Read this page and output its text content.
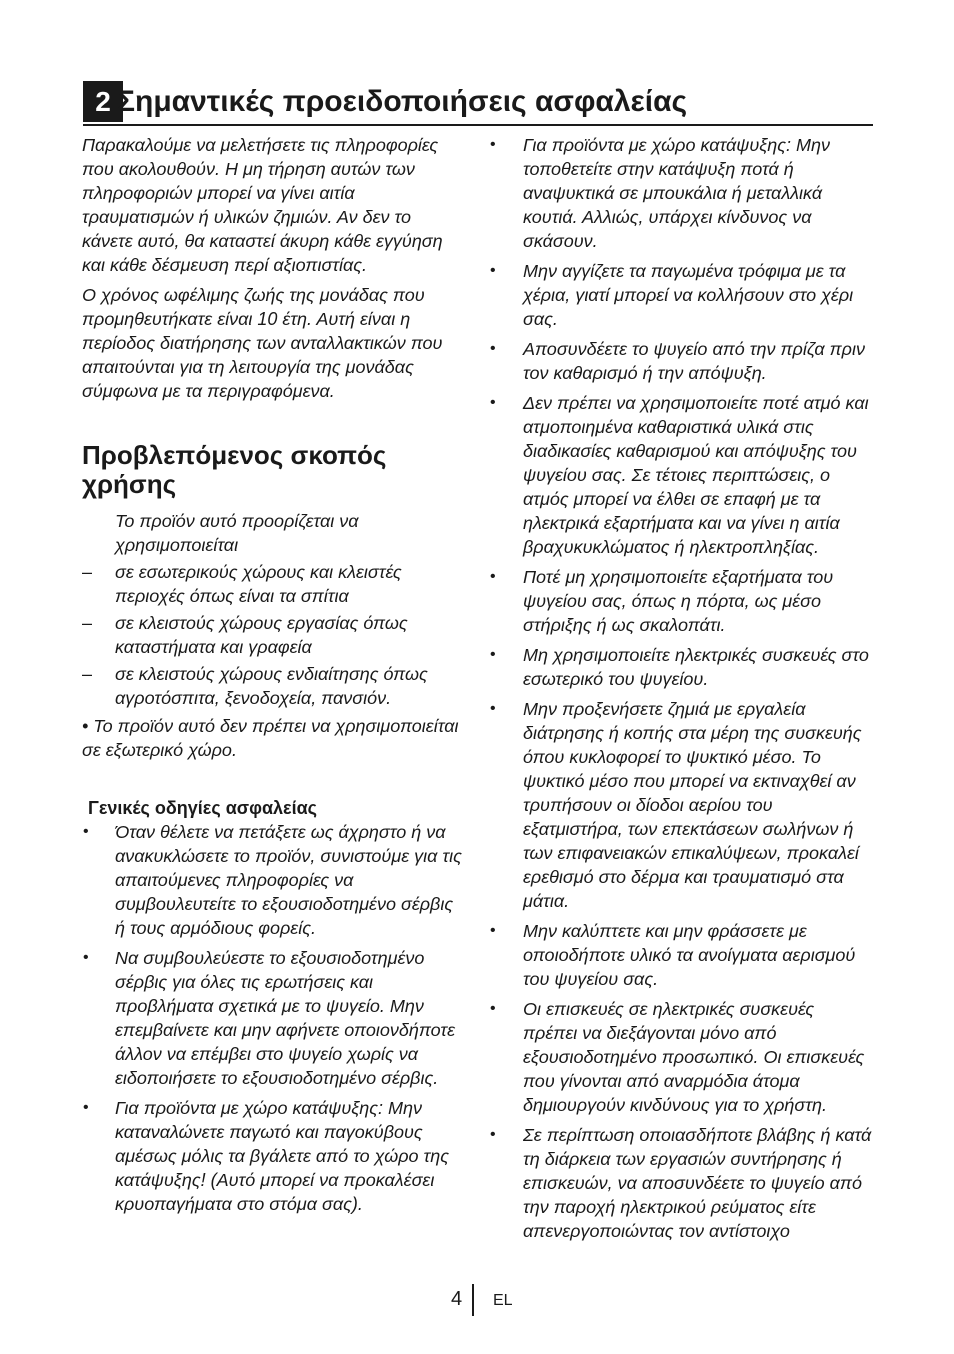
2 Σημαντικές προειδοποιήσεις ασφαλείας

Παρακαλούμε να μελετήσετε τις πληροφορίες που ακολουθούν. Η μη τήρηση αυτών των πληροφοριών μπορεί να γίνει αιτία τραυματισμών ή υλικών ζημιών. Αν δεν το κάνετε αυτό, θα καταστεί άκυρη κάθε εγγύηση και κάθε δέσμευση περί αξιοπιστίας.

Ο χρόνος ωφέλιμης ζωής της μονάδας που προμηθευτήκατε είναι 10 έτη. Αυτή είναι η περίοδος διατήρησης των ανταλλακτικών που απαιτούνται για τη λειτουργία της μονάδας σύμφωνα με τα περιγραφόμενα.

Προβλεπόμενος σκοπός χρήσης
Το προϊόν αυτό προορίζεται να χρησιμοποιείται
– σε εσωτερικούς χώρους και κλειστές περιοχές όπως είναι τα σπίτια
– σε κλειστούς χώρους εργασίας όπως καταστήματα και γραφεία
– σε κλειστούς χώρους ενδιαίτησης όπως αγροτόσπιτα, ξενοδοχεία, πανσιόν.

• Το προϊόν αυτό δεν πρέπει να χρησιμοποιείται σε εξωτερικό χώρο.

Γενικές οδηγίες ασφαλείας
• Όταν θέλετε να πετάξετε ως άχρηστο ή να ανακυκλώσετε το προϊόν, συνιστούμε για τις απαιτούμενες πληροφορίες να συμβουλευτείτε το εξουσιοδοτημένο σέρβις ή τους αρμόδιους φορείς.
• Να συμβουλεύεστε το εξουσιοδοτημένο σέρβις για όλες τις ερωτήσεις και προβλήματα σχετικά με το ψυγείο. Μην επεμβαίνετε και μην αφήνετε οποιονδήποτε άλλον να επέμβει στο ψυγείο χωρίς να ειδοποιήσετε το εξουσιοδοτημένο σέρβις.
• Για προϊόντα με χώρο κατάψυξης: Μην καταναλώνετε παγωτό και παγοκύβους αμέσως μόλις τα βγάλετε από το χώρο της κατάψυξης! (Αυτό μπορεί να προκαλέσει κρυοπαγήματα στο στόμα σας).
• Για προϊόντα με χώρο κατάψυξης: Μην τοποθετείτε στην κατάψυξη ποτά ή αναψυκτικά σε μπουκάλια ή μεταλλικά κουτιά. Αλλιώς, υπάρχει κίνδυνος να σκάσουν.
• Μην αγγίζετε τα παγωμένα τρόφιμα με τα χέρια, γιατί μπορεί να κολλήσουν στο χέρι σας.
• Αποσυνδέετε το ψυγείο από την πρίζα πριν τον καθαρισμό ή την απόψυξη.
• Δεν πρέπει να χρησιμοποιείτε ποτέ ατμό και ατμοποιημένα καθαριστικά υλικά στις διαδικασίες καθαρισμού και απόψυξης του ψυγείου σας. Σε τέτοιες περιπτώσεις, ο ατμός μπορεί να έλθει σε επαφή με τα ηλεκτρικά εξαρτήματα και να γίνει η αιτία βραχυκυκλώματος ή ηλεκτροπληξίας.
• Ποτέ μη χρησιμοποιείτε εξαρτήματα του ψυγείου σας, όπως η πόρτα, ως μέσο στήριξης ή ως σκαλοπάτι.
• Μη χρησιμοποιείτε ηλεκτρικές συσκευές στο εσωτερικό του ψυγείου.
• Μην προξενήσετε ζημιά με εργαλεία διάτρησης ή κοπής στα μέρη της συσκευής όπου κυκλοφορεί το ψυκτικό μέσο. Το ψυκτικό μέσο που μπορεί να εκτιναχθεί αν τρυπήσουν οι δίοδοι αερίου του εξατμιστήρα, των επεκτάσεων σωλήνων ή των επιφανειακών επικαλύψεων, προκαλεί ερεθισμό στο δέρμα και τραυματισμό στα μάτια.
• Μην καλύπτετε και μην φράσσετε με οποιοδήποτε υλικό τα ανοίγματα αερισμού του ψυγείου σας.
• Οι επισκευές σε ηλεκτρικές συσκευές πρέπει να διεξάγονται μόνο από εξουσιοδοτημένο προσωπικό. Οι επισκευές που γίνονται από αναρμόδια άτομα δημιουργούν κινδύνους για το χρήστη.
• Σε περίπτωση οποιασδήποτε βλάβης ή κατά τη διάρκεια των εργασιών συντήρησης ή επισκευών, να αποσυνδέετε το ψυγείο από την παροχή ηλεκτρικού ρεύματος είτε απενεργοποιώντας τον αντίστοιχο
4 EL
